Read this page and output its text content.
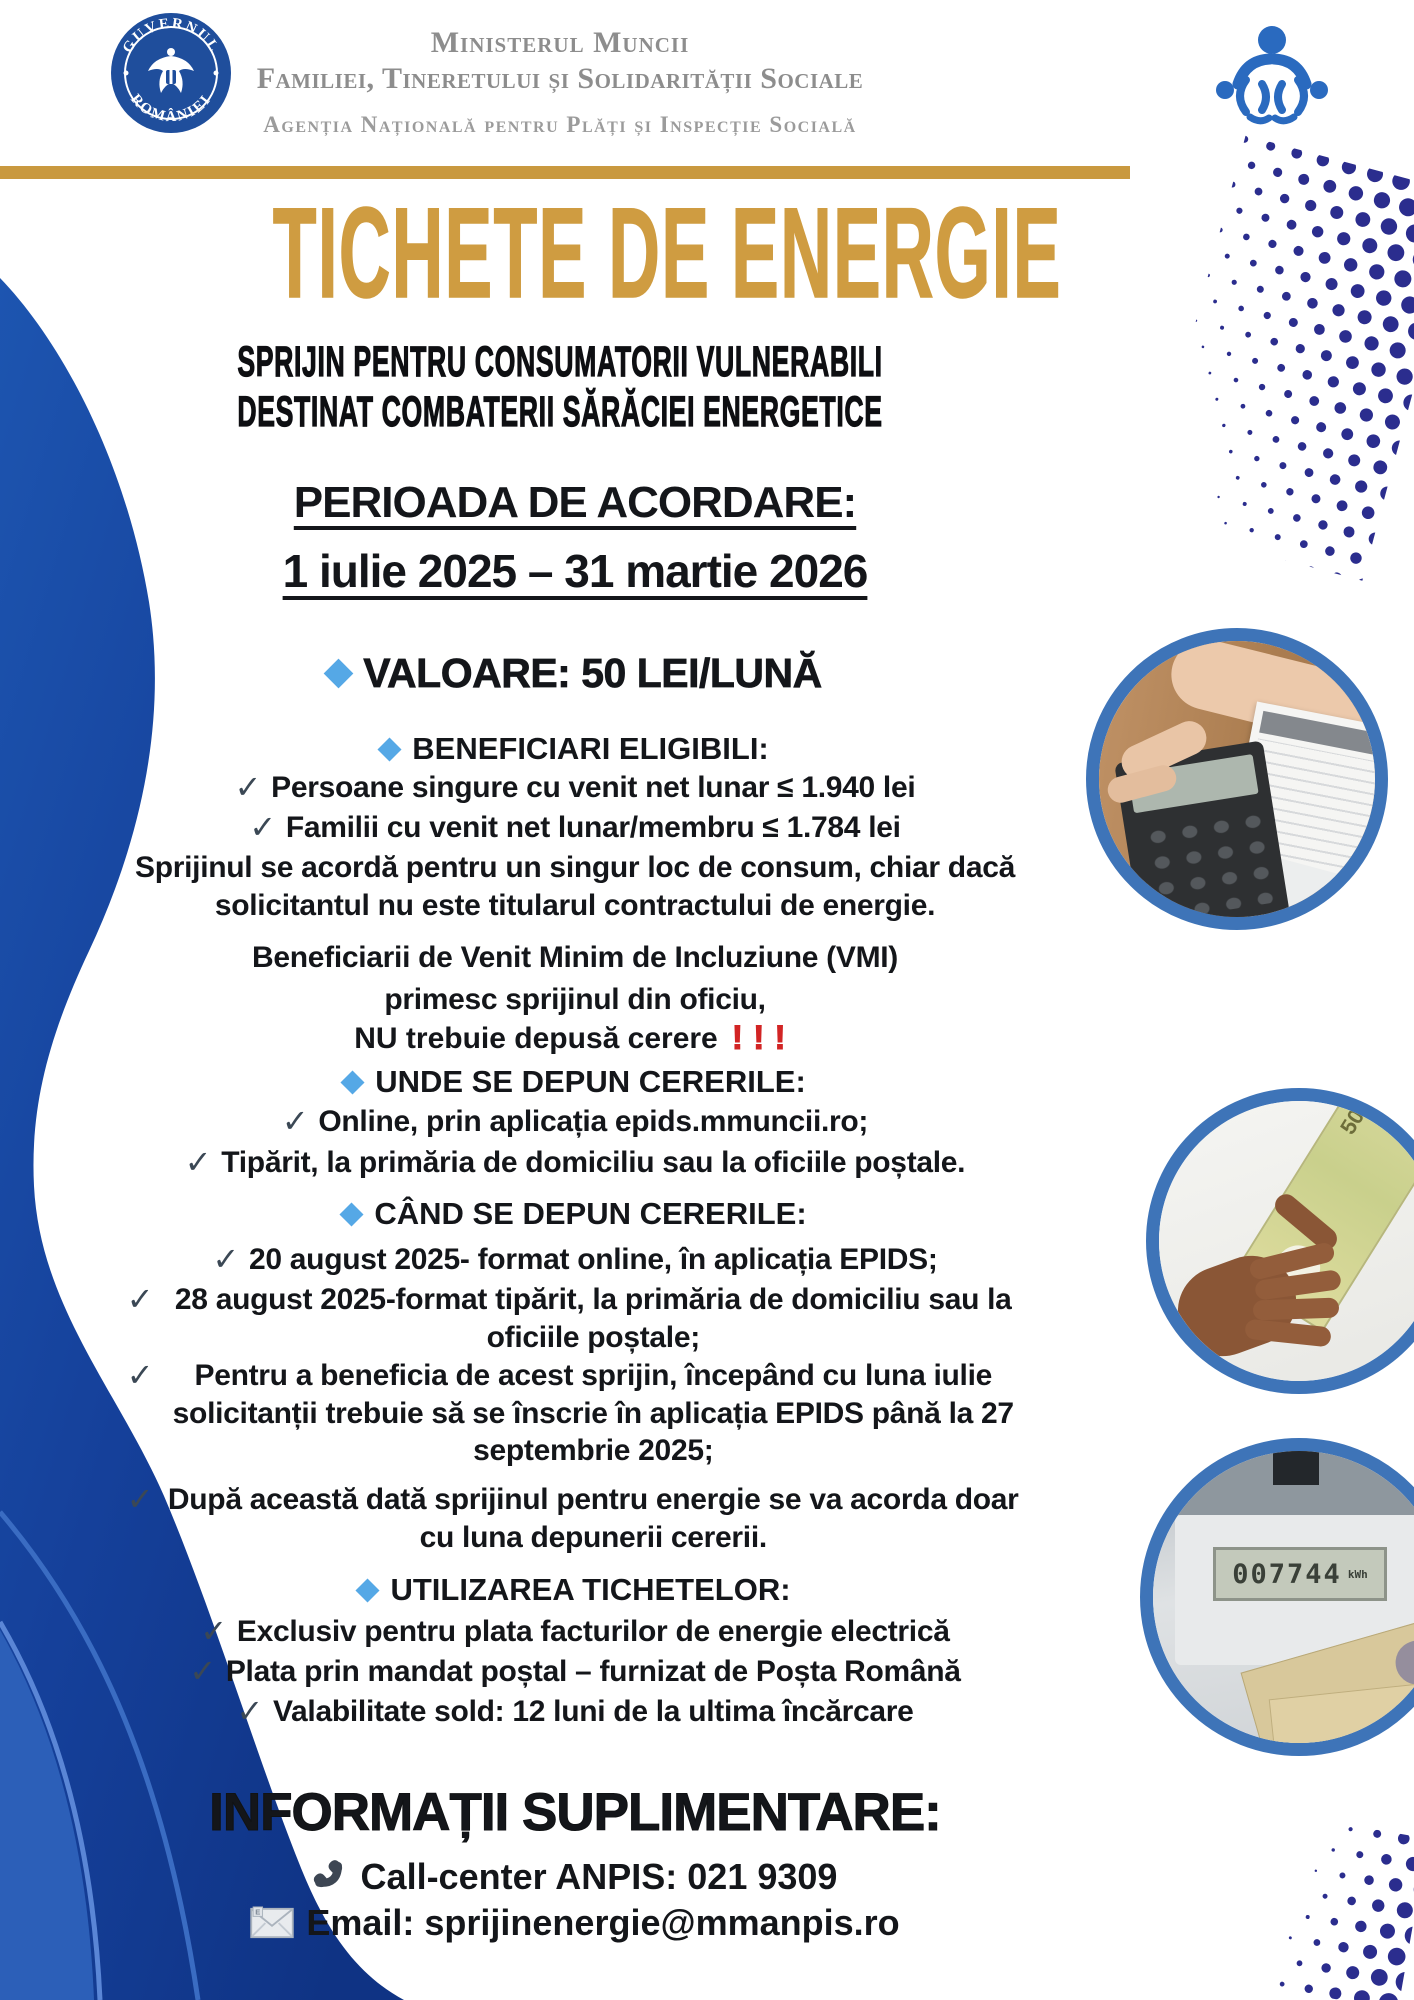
GUVERNUL
ROMÂNIEI
Ministerul Muncii
Familiei, Tineretului și Solidarității Sociale
Agenția Națională pentru Plăți și Inspecție Socială
TICHETE DE ENERGIE
SPRIJIN PENTRU CONSUMATORII VULNERABILI
DESTINAT COMBATERII SĂRĂCIEI ENERGETICE
PERIOADA DE ACORDARE:
1 iulie 2025 – 31 martie 2026
VALOARE: 50 LEI/LUNĂ
BENEFICIARI ELIGIBILI:
✓ Persoane singure cu venit net lunar ≤ 1.940 lei
✓ Familii cu venit net lunar/membru ≤ 1.784 lei
Sprijinul se acordă pentru un singur loc de consum, chiar dacă solicitantul nu este titularul contractului de energie.
Beneficiarii de Venit Minim de Incluziune (VMI)
primesc sprijinul din oficiu,
NU trebuie depusă cerere !!!
UNDE SE DEPUN CERERILE:
✓ Online, prin aplicația epids.mmuncii.ro;
✓ Tipărit, la primăria de domiciliu sau la oficiile poștale.
CÂND SE DEPUN CERERILE:
✓ 20 august 2025- format online, în aplicația EPIDS;
✓ 28 august 2025-format tipărit, la primăria de domiciliu sau la oficiile poștale;
✓	Pentru a beneficia de acest sprijin, începând cu luna iulie solicitanții trebuie să se înscrie în aplicația EPIDS până la 27 septembrie 2025;
✓ După această dată sprijinul pentru energie se va acorda doar cu luna depunerii cererii.
UTILIZAREA TICHETELOR:
✓ Exclusiv pentru plata facturilor de energie electrică
✓ Plata prin mandat poștal – furnizat de Poșta Română
✓ Valabilitate sold: 12 luni de la ultima încărcare
INFORMAȚII SUPLIMENTARE:
Call-center ANPIS: 021 9309
E Email: sprijinenergie@mmanpis.ro
50
007744 kWh
